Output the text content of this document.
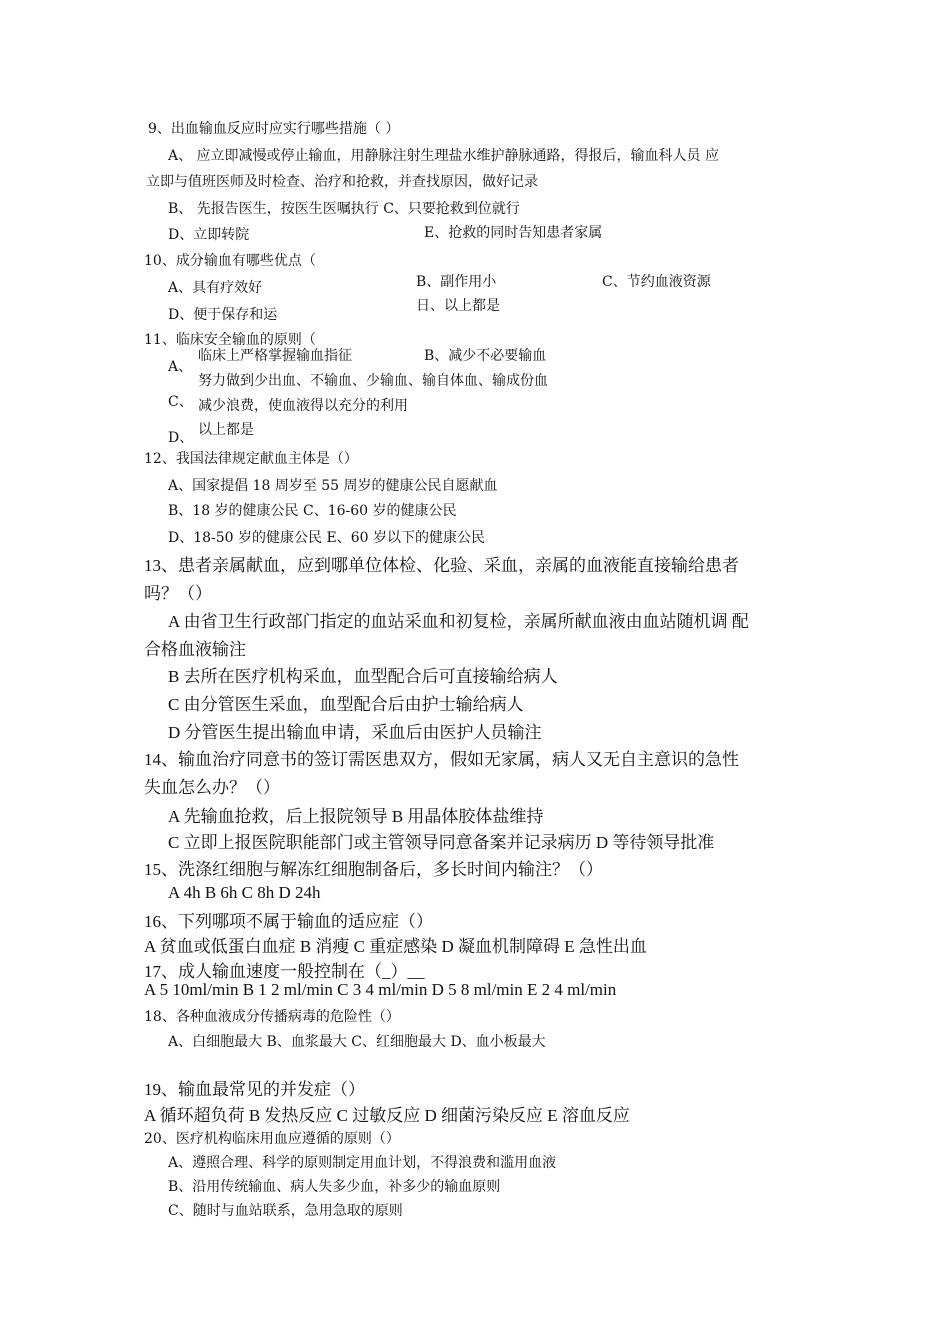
9、出血输血反应时应实行哪些措施（ ）
A、 应立即减慢或停止输血，用静脉注射生理盐水维护静脉通路，得报后，输血科人员 应
立即与值班医师及时检查、治疗和抢救，并查找原因，做好记录
B、 先报告医生，按医生医嘱执行 C、只要抢救到位就行
D、立即转院	E、抢救的同时告知患者家属
10、成分输血有哪些优点（
A、具有疗效好	B、副作用小	C、节约血液资源
D、便于保存和运
日、以上都是
11、临床安全输血的原则（
A、
临床上严格掌握输血指征	B、减少不必要输血
努力做到少出血、不输血、少输血、输自体血、输成份血
C、 减少浪费，使血液得以充分的利用
D、 以上都是
12、我国法律规定献血主体是（）
A、国家提倡 18 周岁至 55 周岁的健康公民自愿献血
B、18 岁的健康公民 C、16-60 岁的健康公民
D、18-50 岁的健康公民 E、60 岁以下的健康公民
13、患者亲属献血，应到哪单位体检、化验、采血，亲属的血液能直接输给患者
吗？（）
A 由省卫生行政部门指定的血站采血和初复检，亲属所献血液由血站随机调 配
合格血液输注
B 去所在医疗机构采血，血型配合后可直接输给病人
C 由分管医生采血，血型配合后由护士输给病人
D 分管医生提出输血申请，采血后由医护人员输注
14、输血治疗同意书的签订需医患双方，假如无家属，病人又无自主意识的急性
失血怎么办？（）
A 先输血抢救，后上报院领导 B 用晶体胶体盐维持
C 立即上报医院职能部门或主管领导同意备案并记录病历 D 等待领导批准
15、洗涤红细胞与解冻红细胞制备后，多长时间内输注？（）
A 4h B 6h C 8h D 24h
16、下列哪项不属于输血的适应症（）
A 贫血或低蛋白血症 B 消瘦 C 重症感染 D 凝血机制障碍 E 急性出血
17、成人输血速度一般控制在（_）__
A 5 10ml/min B 1 2 ml/min C 3 4 ml/min D 5 8 ml/min E 2 4 ml/min
18、各种血液成分传播病毒的危险性（）
A、白细胞最大 B、血浆最大 C、红细胞最大 D、血小板最大
19、输血最常见的并发症（）
A 循环超负荷 B 发热反应 C 过敏反应 D 细菌污染反应 E 溶血反应
20、医疗机构临床用血应遵循的原则（）
A、遵照合理、科学的原则制定用血计划，不得浪费和滥用血液
B、沿用传统输血、病人失多少血，补多少的输血原则
C、随时与血站联系，急用急取的原则
